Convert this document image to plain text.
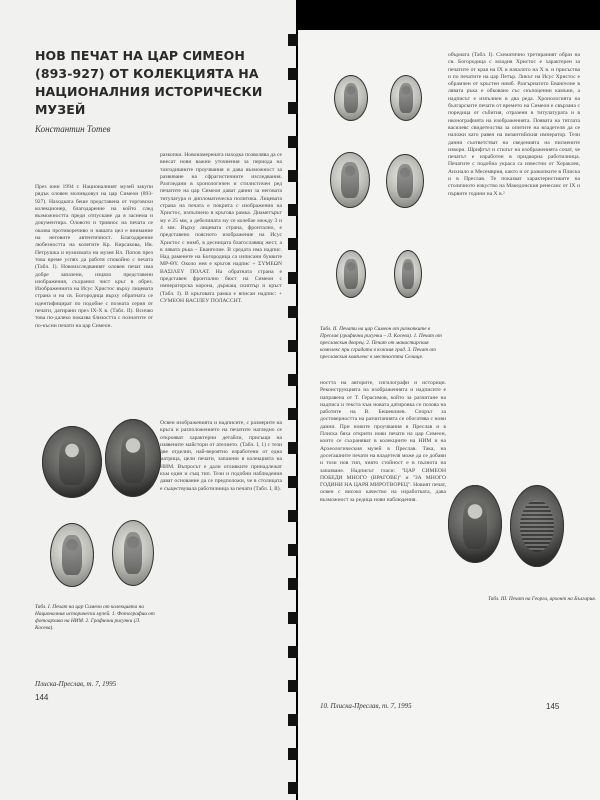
НОВ ПЕЧАТ НА ЦАР СИМЕОН (893-927) ОТ КОЛЕКЦИЯТА НА НАЦИОНАЛНИЯ ИСТОРИЧЕСКИ МУЗЕЙ
Константин Тотев
През юни 1994 г. Националният музей закупи рядък оловен моливдовул на цар Симеон (893-927). Находката беше представена от торговски колекционер, благодарение на който след възможността преди отпускане да я заснема и документира. Оловото и тривнос на печата се оказва противоречиво и нашата цел е внимание на неговите автентичност. Благодарение любезността на колегите Кр. Кирсакова, Ив. Петрушка и нумизмата на музея Вл. Попов през това време успях да работя спокойно с печата (Табл. I). Новоизследваният оловен печат има добре запазени, изцяло представени изображения, съхранил чист кръг в обрез. Изображенията на Исус Христос върху лицевата страна и на св. Богородица върху обратната се идентифицират по подобие с позната серия от печати, датирани през IX-X в. (Табл. II). Всичко това по-далеко показва близостта с познатите от по-късни печати на цар Симеон.
разкопки. Новонамерената находка позволява да се внесат нови важни уточнения за периода на тазгодишните проучвания и дава възможност за развиване на сфрагистичните изследвания. Разгледани в хронологичен и стилистичен ред печатите на цар Симеон дават данни за неговата титулатура и дипломатическа политика. Лицевата страна на печата е покрита с изображения на Христос, изпълнено в кръгова рамка. Диаметърът му е 25 мм, а дебелината му се колебае между 3 и 4 мм. Върху лицевата страна, фронтално, е представено поясното изображение на Исус Христос с нимб, в десницата благославящ жест, а в лявата ръка – Евангелие. В средата има надпис. Над раменете на Богородица са изписани буквите MP-ΘY. Около нея е кръгов надпис + ΣΥΜΕΩΝ ΒΑΣΙΛΕΥ ΠΟΛΑΤ. На обратната страна е представен фронтално бюст на Симеон с императорска корона, държащ скиптър и кръст (Табл. I). В кръговата рамка е вписан надпис: + СУМЕОН ВАСІЛЕУ ПОЛАССНТ.
Табл. I. Печат на цар Симеон от колекцията на Националния исторически музей. 1. Фотографии от фотоархива на НИМ. 2. Графични рисунки (Л. Косева).
Освен изображенията и надписите, с размерите на кръга и разположението на печатите нагледно се открояват характерни детайли, присъщи на изявените майстори от ателието. (Табл. I, 1) с тези две отделни, най-вероятно изработени от една матрица, цели печати, запазени в колекцията на НИМ. Въпросът е дали отливките принадлежат към един и същ тип. Тези и подобни наблюдения дават основание да се предположи, че в столицата е съществувала работилница за печати (Табл. I, II).
Плиска-Преслав, т. 7, 1995
144
Табл. II. Печати на цар Симеон от разкопките в Преслав (графични рисунки – Л. Косева). 1. Печат от преславския дворец. 2. Печат от манастирския комплекс при сградата в южния град. 3. Печат от преславския комплекс в местността Селище.
ността на авторите, сигилографи и историци. Реконструкцията на изображенията и надписите е направена от Т. Герасимов, който за разчитане на надписа и текста към новата датировка се позова на работите на В. Бешевлиев. Спорът за достоверността на разчитанията се обогатява с нови данни. При новите проучвания в Преслав и в Плиска бяха открити нови печати на цар Симеон, които се съхраняват в колекциите на НИМ и на Археологическия музей в Преслав. Така, на досегашните печати на владетеля може да се добави и този нов тип, чиято стойност е в пълнота на запазване. Надписът гласи: "ЦАР СИМЕОН ПОБЕДИ МНОГО (ВРАГОВЕ)" и "ЗА МНОГО ГОДИНИ НА ЦАРЯ МИРОТВОРЕЦ". Новият печат, освен с високо качество на изработката, дава възможност за редица нови наблюдения.
обърната (Табл. I). Схематично третираният образ на св. Богородица с младия Христос е характерен за печатите от края на IX и началото на X в. и присъства и по печатите на цар Петър. Ликът на Исус Христос е обрамчен от кръстен нимб. Разгърнатото Евангелие в лявата ръка е обковано със скъпоценни камъни, а надписът е изпълнен в два реда. Хронологията на българските печати от времето на Симеон е свързана с поредица от събития, отразени в титулатурата и в иконографията на изображенията. Появата на титлата василевс свидетелства за опитите на владетеля да се наложи като равен на византийския император. Тези данни съответстват на сведенията на писмените извори. Шрифтът и стилът на изображенията сочат, че печатът е изработен в придворна работилница. Печатите с подобна украса са известни от Хераклея, Анхиало и Месемврия, както и от разкопките в Плиска и в Преслав. Те показват характеристиките на столичното изкуство на Македонския ренесанс от IX и първите години на X в.²
Табл. III. Печат на Георги, архонт на България.
10. Плиска-Преслав, т. 7, 1995	145
